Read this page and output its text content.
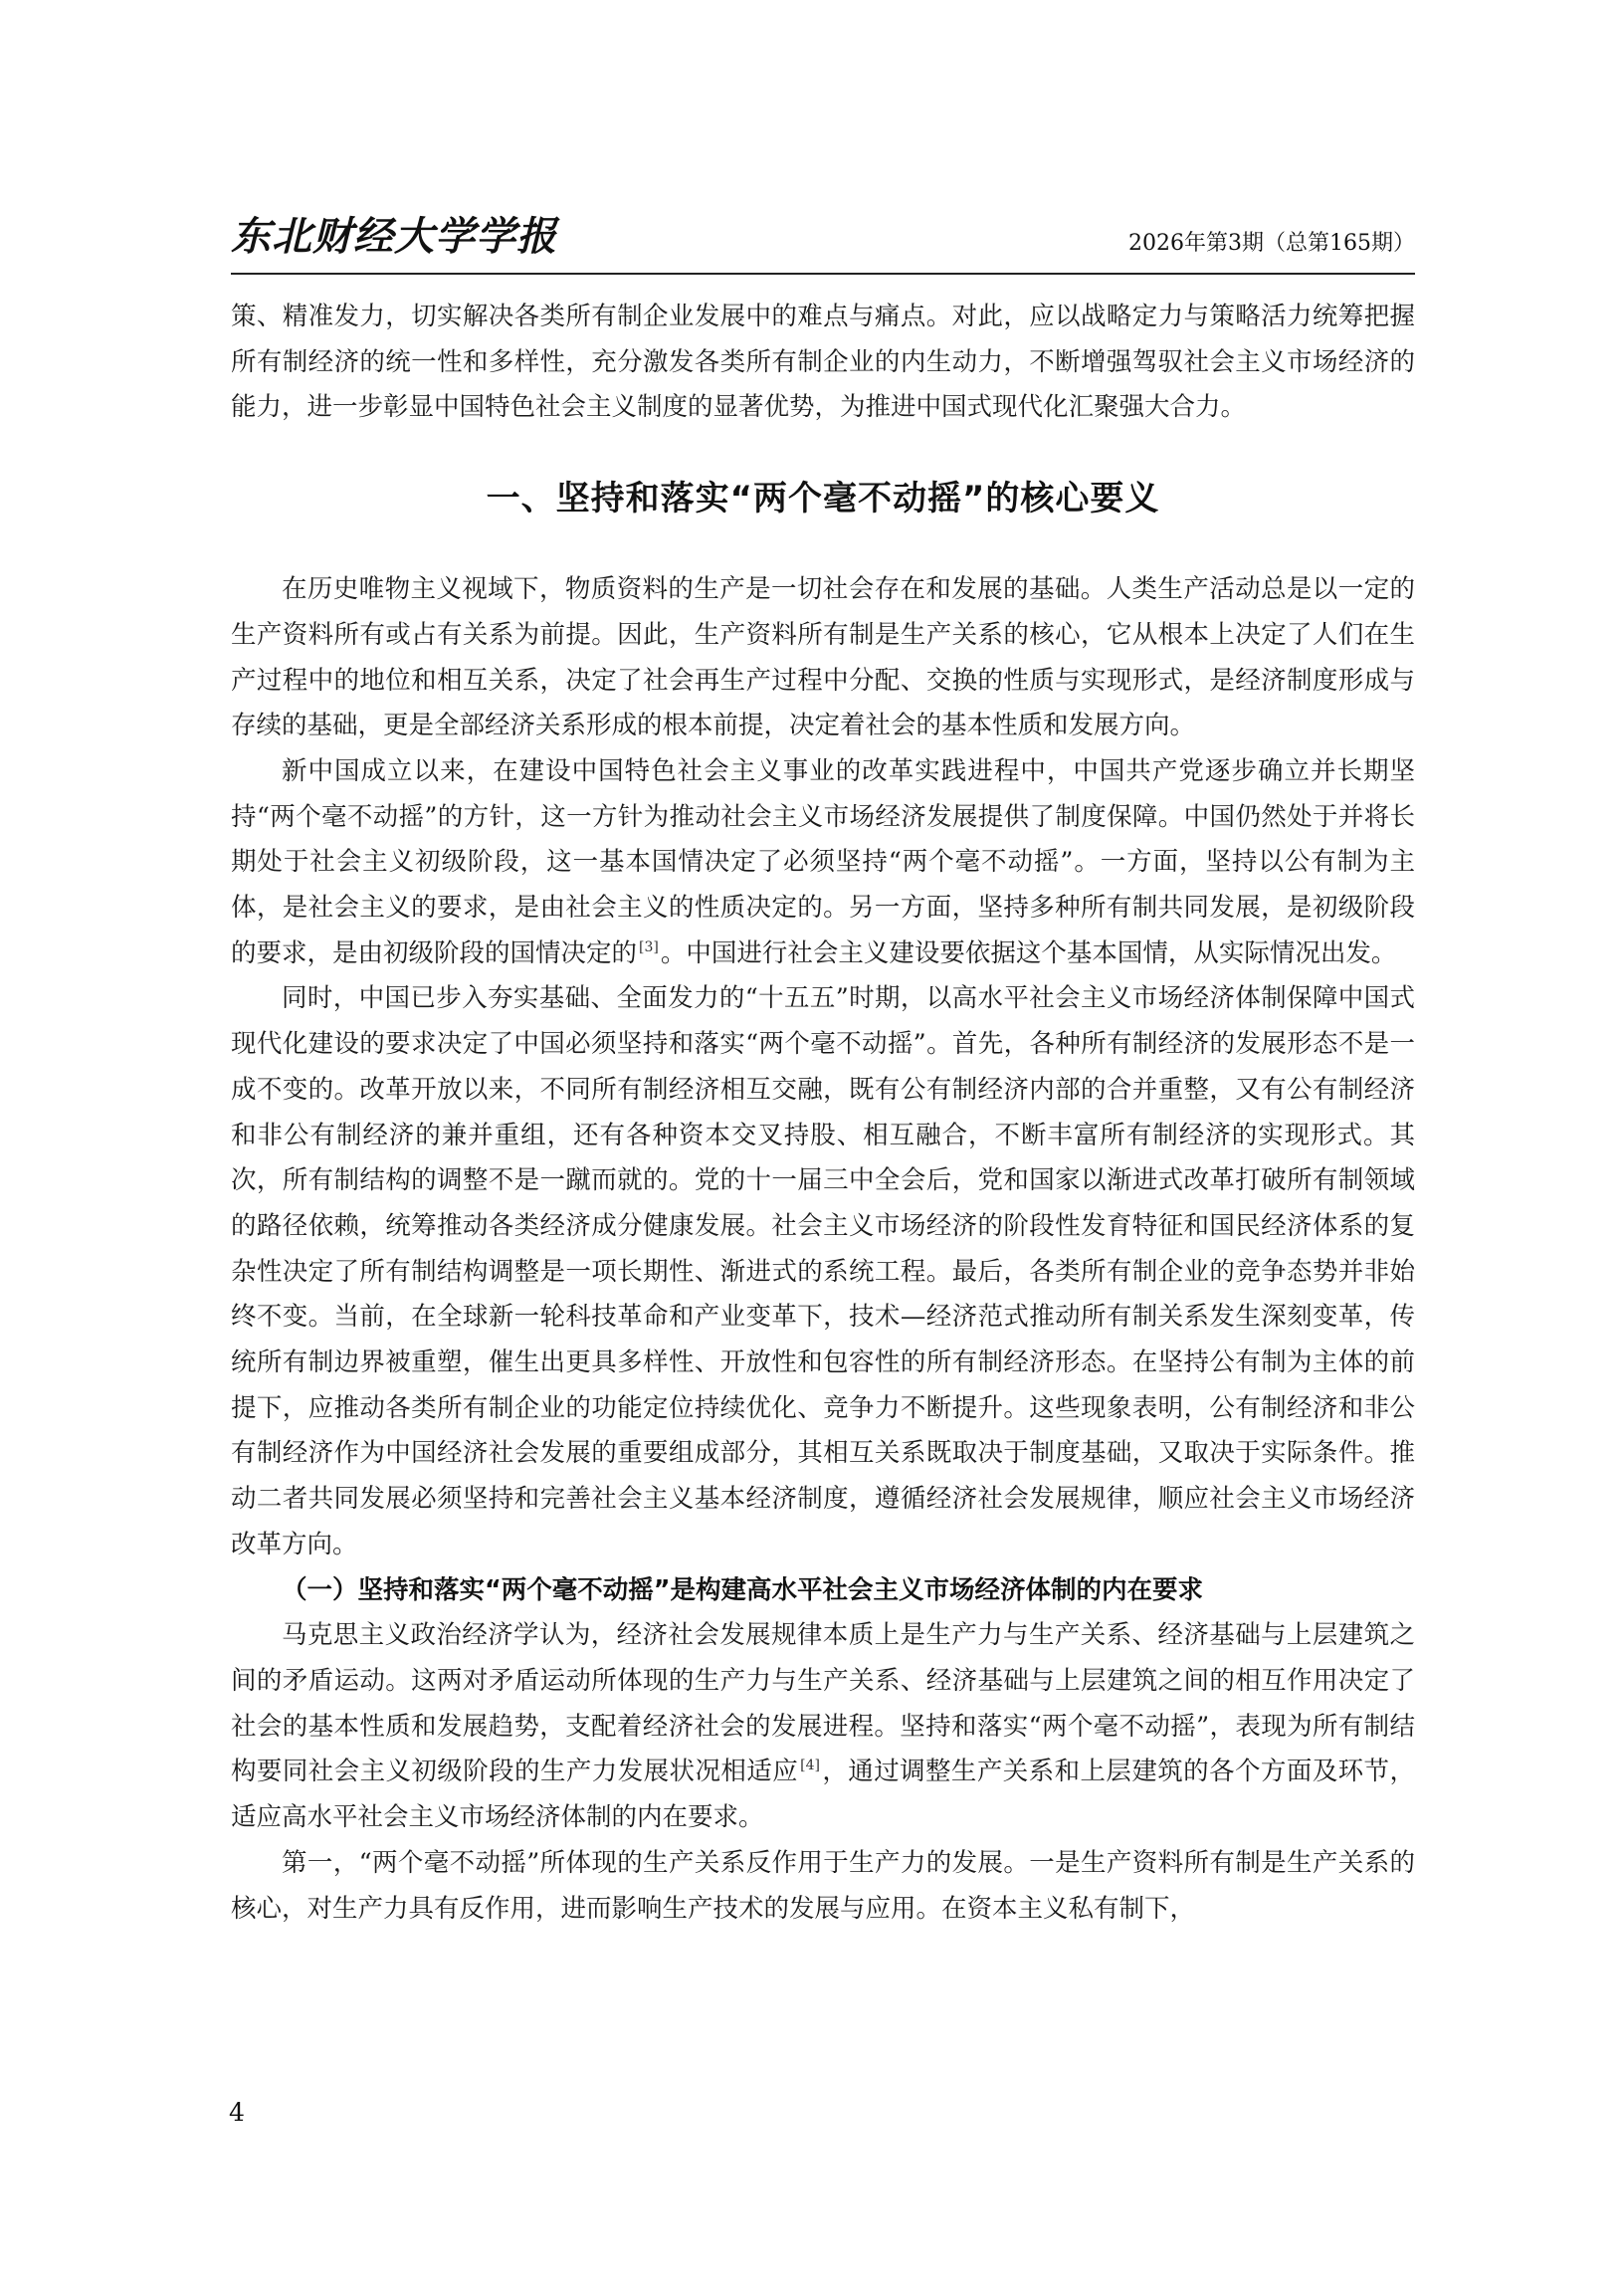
东北财经大学学报	2026年第3期（总第165期）

策、精准发力，切实解决各类所有制企业发展中的难点与痛点。对此，应以战略定力与策略活力统筹把握所有制经济的统一性和多样性，充分激发各类所有制企业的内生动力，不断增强驾驭社会主义市场经济的能力，进一步彰显中国特色社会主义制度的显著优势，为推进中国式现代化汇聚强大合力。

一、坚持和落实“两个毫不动摇”的核心要义

在历史唯物主义视域下，物质资料的生产是一切社会存在和发展的基础。人类生产活动总是以一定的生产资料所有或占有关系为前提。因此，生产资料所有制是生产关系的核心，它从根本上决定了人们在生产过程中的地位和相互关系，决定了社会再生产过程中分配、交换的性质与实现形式，是经济制度形成与存续的基础，更是全部经济关系形成的根本前提，决定着社会的基本性质和发展方向。

新中国成立以来，在建设中国特色社会主义事业的改革实践进程中，中国共产党逐步确立并长期坚持“两个毫不动摇”的方针，这一方针为推动社会主义市场经济发展提供了制度保障。中国仍然处于并将长期处于社会主义初级阶段，这一基本国情决定了必须坚持“两个毫不动摇”。一方面，坚持以公有制为主体，是社会主义的要求，是由社会主义的性质决定的。另一方面，坚持多种所有制共同发展，是初级阶段的要求，是由初级阶段的国情决定的 [3]。中国进行社会主义建设要依据这个基本国情，从实际情况出发。

同时，中国已步入夯实基础、全面发力的“十五五”时期，以高水平社会主义市场经济体制保障中国式现代化建设的要求决定了中国必须坚持和落实“两个毫不动摇”。首先，各种所有制经济的发展形态不是一成不变的。改革开放以来，不同所有制经济相互交融，既有公有制经济内部的合并重整，又有公有制经济和非公有制经济的兼并重组，还有各种资本交叉持股、相互融合，不断丰富所有制经济的实现形式。其次，所有制结构的调整不是一蹴而就的。党的十一届三中全会后，党和国家以渐进式改革打破所有制领域的路径依赖，统筹推动各类经济成分健康发展。社会主义市场经济的阶段性发育特征和国民经济体系的复杂性决定了所有制结构调整是一项长期性、渐进式的系统工程。最后，各类所有制企业的竞争态势并非始终不变。当前，在全球新一轮科技革命和产业变革下，技术—经济范式推动所有制关系发生深刻变革，传统所有制边界被重塑，催生出更具多样性、开放性和包容性的所有制经济形态。在坚持公有制为主体的前提下，应推动各类所有制企业的功能定位持续优化、竞争力不断提升。这些现象表明，公有制经济和非公有制经济作为中国经济社会发展的重要组成部分，其相互关系既取决于制度基础，又取决于实际条件。推动二者共同发展必须坚持和完善社会主义基本经济制度，遵循经济社会发展规律，顺应社会主义市场经济改革方向。

（一）坚持和落实“两个毫不动摇”是构建高水平社会主义市场经济体制的内在要求

马克思主义政治经济学认为，经济社会发展规律本质上是生产力与生产关系、经济基础与上层建筑之间的矛盾运动。这两对矛盾运动所体现的生产力与生产关系、经济基础与上层建筑之间的相互作用决定了社会的基本性质和发展趋势，支配着经济社会的发展进程。坚持和落实“两个毫不动摇”，表现为所有制结构要同社会主义初级阶段的生产力发展状况相适应 [4]，通过调整生产关系和上层建筑的各个方面及环节，适应高水平社会主义市场经济体制的内在要求。

第一，“两个毫不动摇”所体现的生产关系反作用于生产力的发展。一是生产资料所有制是生产关系的核心，对生产力具有反作用，进而影响生产技术的发展与应用。在资本主义私有制下，

4
